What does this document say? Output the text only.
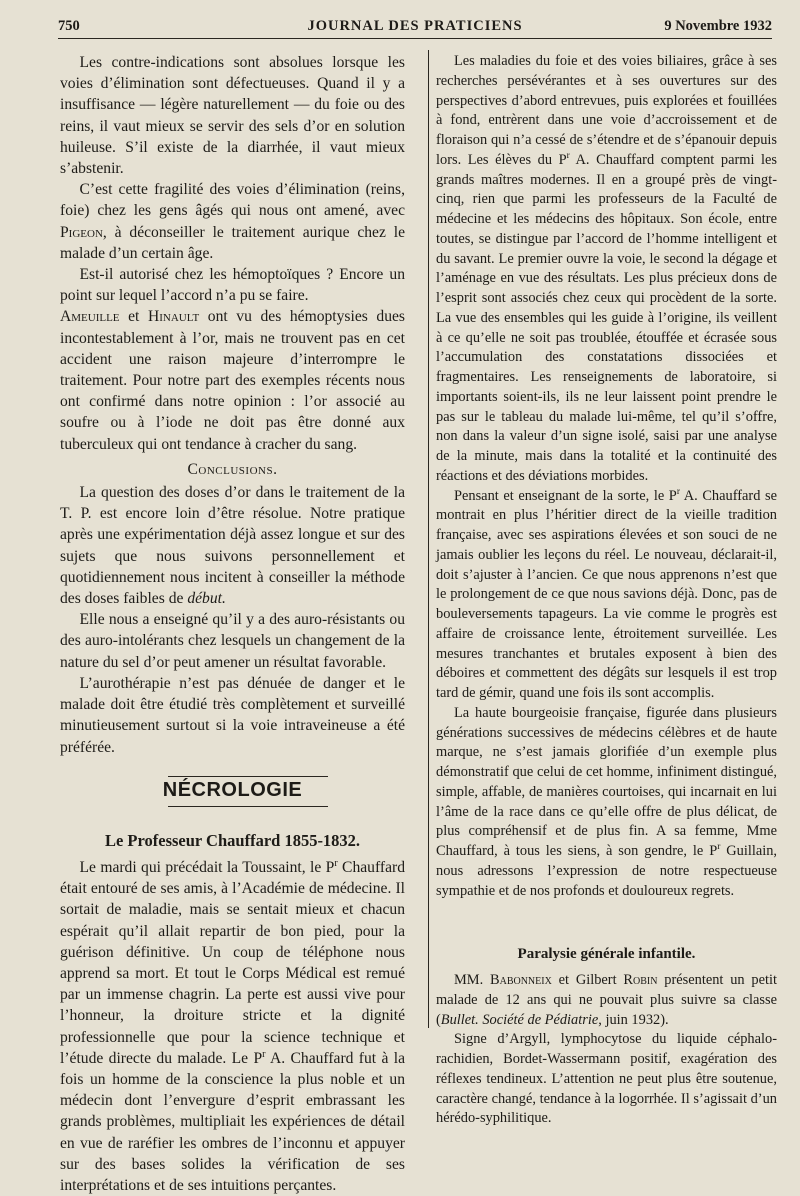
750	JOURNAL DES PRATICIENS	9 Novembre 1932

Les contre-indications sont absolues lorsque les voies d’élimination sont défectueuses. Quand il y a insuffisance — légère naturellement — du foie ou des reins, il vaut mieux se servir des sels d’or en solution huileuse. S’il existe de la diarrhée, il vaut mieux s’abstenir.

C’est cette fragilité des voies d’élimination (reins, foie) chez les gens âgés qui nous ont amené, avec Pigeon, à déconseiller le traitement aurique chez le malade d’un certain âge.

Est-il autorisé chez les hémoptoïques ? Encore un point sur lequel l’accord n’a pu se faire.

Ameuille et Hinault ont vu des hémoptysies dues incontestablement à l’or, mais ne trouvent pas en cet accident une raison majeure d’interrompre le traitement. Pour notre part des exemples récents nous ont confirmé dans notre opinion : l’or associé au soufre ou à l’iode ne doit pas être donné aux tuberculeux qui ont tendance à cracher du sang.

Conclusions.

La question des doses d’or dans le traitement de la T. P. est encore loin d’être résolue. Notre pratique après une expérimentation déjà assez longue et sur des sujets que nous suivons personnellement et quotidiennement nous incitent à conseiller la méthode des doses faibles de début.

Elle nous a enseigné qu’il y a des auro-résistants ou des auro-intolérants chez lesquels un changement de la nature du sel d’or peut amener un résultat favorable.

L’aurothérapie n’est pas dénuée de danger et le malade doit être étudié très complètement et surveillé minutieusement surtout si la voie intraveineuse a été préférée.

NÉCROLOGIE

Le Professeur Chauffard 1855-1832.

Le mardi qui précédait la Toussaint, le $P^r$ Chauffard était entouré de ses amis, à l’Académie de médecine. Il sortait de maladie, mais se sentait mieux et chacun espérait qu’il allait repartir de bon pied, pour la guérison définitive. Un coup de téléphone nous apprend sa mort. Et tout le Corps Médical est remué par un immense chagrin. La perte est aussi vive pour l’honneur, la droiture stricte et la dignité professionnelle que pour la science technique et l’étude directe du malade. Le $P^r$ A. Chauffard fut à la fois un homme de la conscience la plus noble et un médecin dont l’envergure d’esprit embrassant les grands problèmes, multipliait les expériences de détail en vue de raréfier les ombres de l’inconnu et appuyer sur des bases solides la vérification de ses interprétations et de ses intuitions perçantes.

Les maladies du foie et des voies biliaires, grâce à ses recherches persévérantes et à ses ouvertures sur des perspectives d’abord entrevues, puis explorées et fouillées à fond, entrèrent dans une voie d’accroissement et de floraison qui n’a cessé de s’étendre et de s’épanouir depuis lors. Les élèves du $P^r$ A. Chauffard comptent parmi les grands maîtres modernes. Il en a groupé près de vingt-cinq, rien que parmi les professeurs de la Faculté de médecine et les médecins des hôpitaux. Son école, entre toutes, se distingue par l’accord de l’homme intelligent et du savant. Le premier ouvre la voie, le second la dégage et l’aménage en vue des résultats. Les plus précieux dons de l’esprit sont associés chez ceux qui procèdent de la sorte. La vue des ensembles qui les guide à l’origine, ils veillent à ce qu’elle ne soit pas troublée, étouffée et écrasée sous l’accumulation des constatations dissociées et fragmentaires. Les renseignements de laboratoire, si importants soient-ils, ils ne leur laissent point prendre le pas sur le tableau du malade lui-même, tel qu’il s’offre, non dans la valeur d’un signe isolé, saisi par une analyse de la minute, mais dans la totalité et la continuité des réactions et des déviations morbides.

Pensant et enseignant de la sorte, le $P^r$ A. Chauffard se montrait en plus l’héritier direct de la vieille tradition française, avec ses aspirations élevées et son souci de ne jamais oublier les leçons du réel. Le nouveau, déclarait-il, doit s’ajuster à l’ancien. Ce que nous apprenons n’est que le prolongement de ce que nous savions déjà. Donc, pas de bouleversements tapageurs. La vie comme le progrès est affaire de croissance lente, étroitement surveillée. Les mesures tranchantes et brutales exposent à bien des déboires et commettent des dégâts sur lesquels il est trop tard de gémir, quand une fois ils sont accomplis.

La haute bourgeoisie française, figurée dans plusieurs générations successives de médecins célèbres et de haute marque, ne s’est jamais glorifiée d’un exemple plus démonstratif que celui de cet homme, infiniment distingué, simple, affable, de manières courtoises, qui incarnait en lui l’âme de la race dans ce qu’elle offre de plus délicat, de plus compréhensif et de plus fin. A sa femme, Mme Chauffard, à tous les siens, à son gendre, le $P^r$ Guillain, nous adressons l’expression de notre respectueuse sympathie et de nos profonds et douloureux regrets.

Paralysie générale infantile.

MM. Babonneix et Gilbert Robin présentent un petit malade de 12 ans qui ne pouvait plus suivre sa classe (Bullet. Société de Pédiatrie, juin 1932).

Signe d’Argyll, lymphocytose du liquide céphalo-rachidien, Bordet-Wassermann positif, exagération des réflexes tendineux. L’attention ne peut plus être soutenue, caractère changé, tendance à la logorrhée. Il s’agissait d’un hérédo-syphilitique.
